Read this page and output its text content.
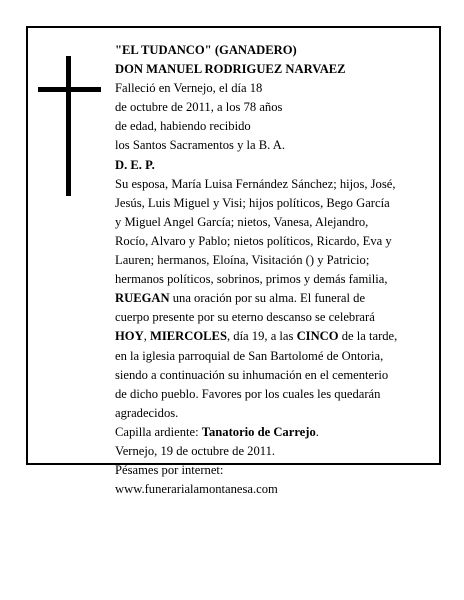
"EL TUDANCO" (GANADERO)

DON MANUEL RODRIGUEZ NARVAEZ

Falleció en Vernejo, el día 18

de octubre de 2011, a los 78 años

de edad, habiendo recibido

los Santos Sacramentos y la B. A.

D. E. P.

Su esposa, María Luisa Fernández Sánchez; hijos, José,

Jesús, Luis Miguel y Visi; hijos políticos, Bego García

y Miguel Angel García; nietos, Vanesa, Alejandro,

Rocío, Alvaro y Pablo; nietos políticos, Ricardo, Eva y

Lauren; hermanos, Eloína, Visitación () y Patricio;

hermanos políticos, sobrinos, primos y demás familia,

RUEGAN una oración por su alma. El funeral de

cuerpo presente por su eterno descanso se celebrará

HOY, MIERCOLES, día 19, a las CINCO de la tarde,

en la iglesia parroquial de San Bartolomé de Ontoria,

siendo a continuación su inhumación en el cementerio

de dicho pueblo. Favores por los cuales les quedarán

agradecidos.

Capilla ardiente: Tanatorio de Carrejo.

Vernejo, 19 de octubre de 2011.

Pésames por internet:

www.funerarialamontanesa.com
